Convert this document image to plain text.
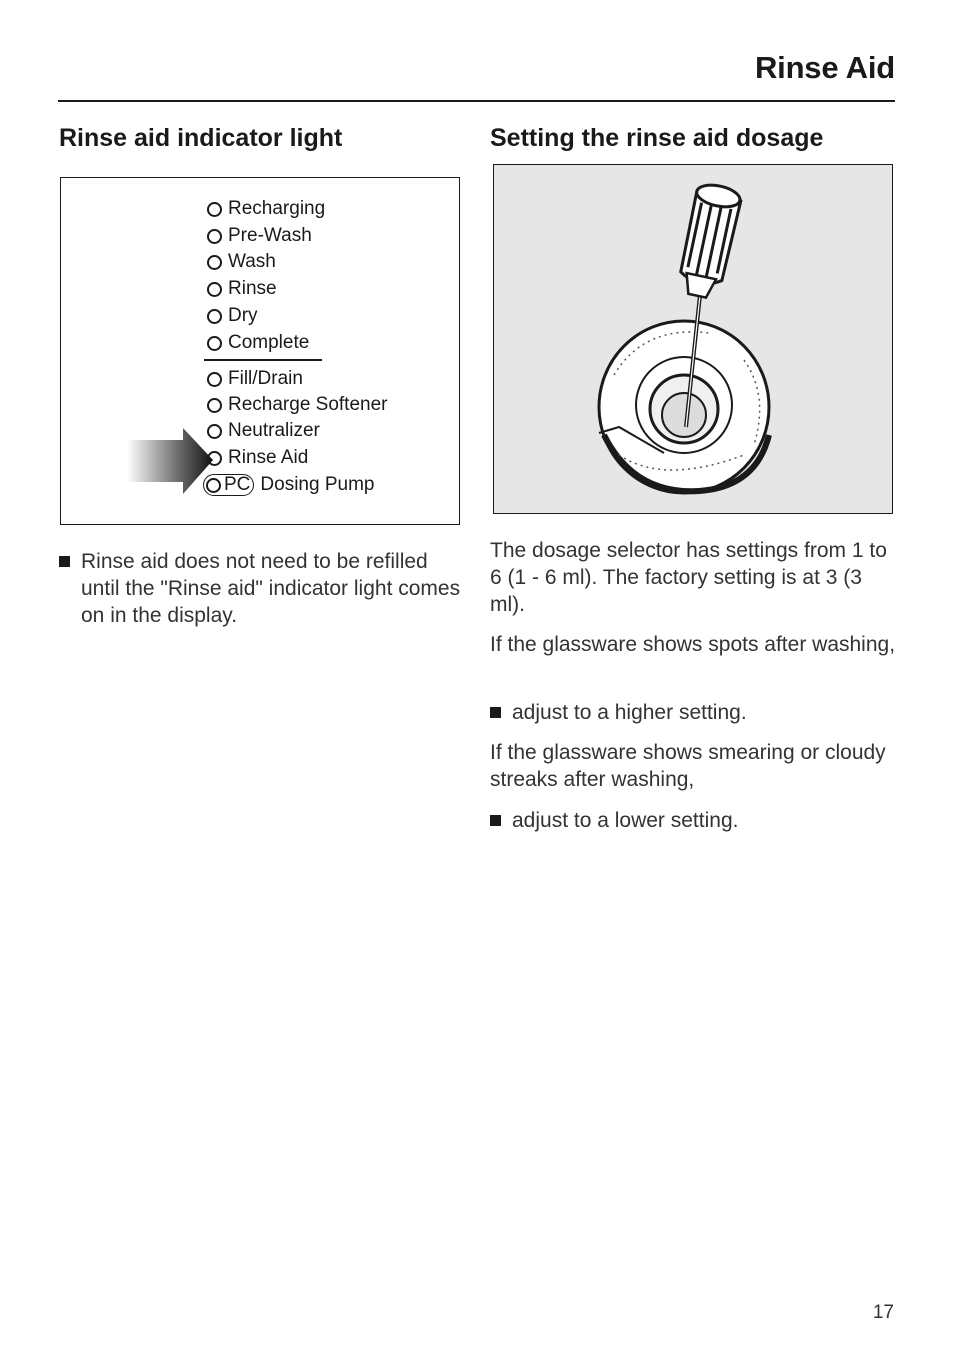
Rinse Aid
Rinse aid indicator light
Recharging
Pre-Wash
Wash
Rinse
Dry
Complete
Fill/Drain
Recharge Softener
Neutralizer
Rinse Aid
PC Dosing Pump
Rinse aid does not need to be refilled until the "Rinse aid" indicator light comes on in the display.
Setting the rinse aid dosage

The dosage selector has settings from 1 to 6 (1 - 6 ml). The factory setting is at 3 (3 ml).

If the glassware shows spots after washing,

adjust to a higher setting.

If the glassware shows smearing or cloudy streaks after washing,

adjust to a lower setting.
17
